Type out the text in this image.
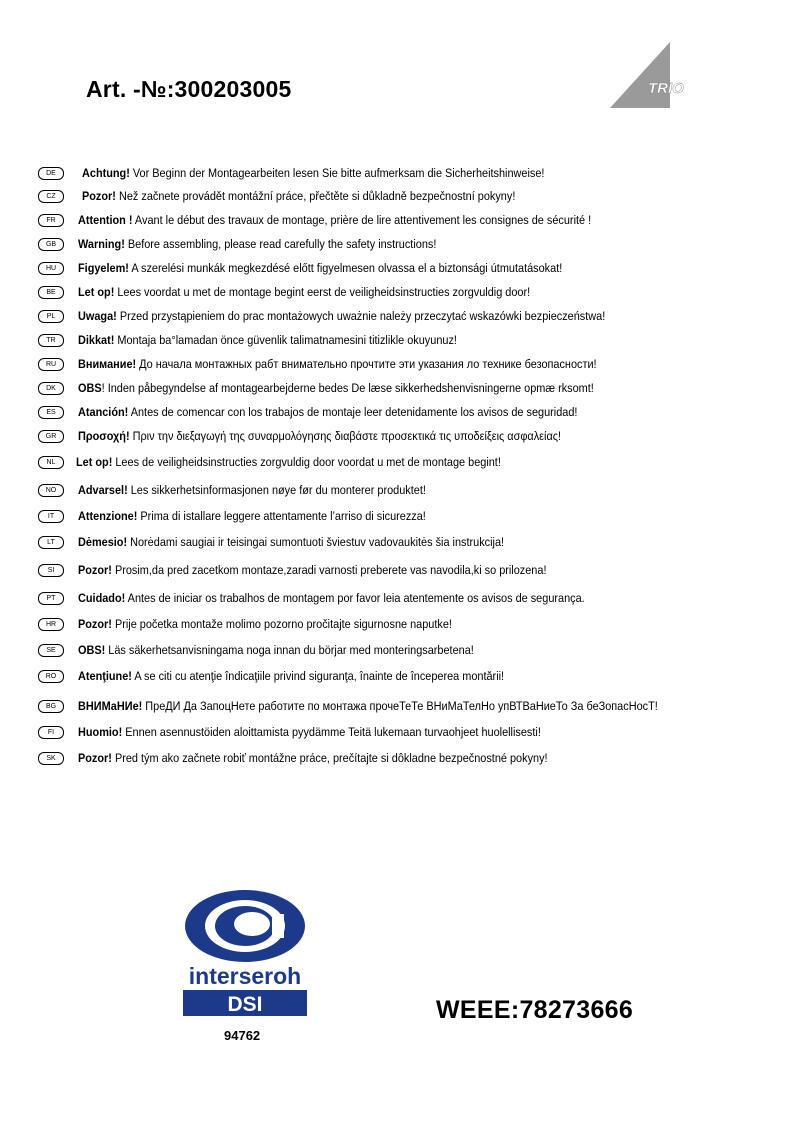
Art. -№:300203005	TRIO
DE	Achtung! Vor Beginn der Montagearbeiten lesen Sie bitte aufmerksam die Sicherheitshinweise!
CZ	Pozor! Než začnete provádět montážní práce, přečtěte si důkladně bezpečnostní pokyny!
FR	Attention ! Avant le début des travaux de montage, prière de lire attentivement les consignes de sécurité !
GB	Warning! Before assembling, please read carefully the safety instructions!
HU	Figyelem! A szerelési munkák megkezdésé előtt figyelmesen olvassa el a biztonsági útmutatásokat!
BE	Let op! Lees voordat u met de montage begint eerst de veiligheidsinstructies zorgvuldig door!
PL	Uwaga! Przed przystąpieniem do prac montażowych uważnie należy przeczytać wskazówki bezpieczeństwa!
TR	Dikkat! Montaja ba°lamadan önce güvenlik talimatnamesini titizlikle okuyunuz!
RU	Внимание! До начала монтажных рабт внимательно прочтите эти указания ло технике безопасности!
DK	OBS! Inden påbegyndelse af montagearbejderne bedes De læse sikkerhedshenvisningerne opmæ rksomt!
ES	Atanción! Antes de comencar con los trabajos de montaje leer detenidamente los avisos de seguridad!
GR	Προσοχή! Πριν την διεξαγωγή της συναρμολόγησης διαβάστε προσεκτικά τις υποδείξεις ασφαλείας!
NL	Let op! Lees de veiligheidsinstructies zorgvuldig door voordat u met de montage begint!
NO	Advarsel! Les sikkerhetsinformasjonen nøye før du monterer produktet!
IT	Attenzione! Prima di istallare leggere attentamente l’arriso di sicurezza!
LT	Dėmesio! Norėdami saugiai ir teisingai sumontuoti šviestuv vadovaukitės šia instrukcija!
SI	Pozor! Prosim,da pred zacetkom montaze,zaradi varnosti preberete vas navodila,ki so prilozena!
PT	Cuidado! Antes de iniciar os trabalhos de montagem por favor leia atentemente os avisos de segurança.
HR	Pozor! Prije početka montaže molimo pozorno pročitajte sigurnosne naputke!
SE	OBS! Läs säkerhetsanvisningama noga innan du börjar med monteringsarbetena!
RO	Atenţiune! A se citi cu atenţie îndicaţiile privind siguranţa, înainte de începerea montării!
BG	ВНИМаНИе! ПреДИ Да ЗапоцНете работите по монтажа прочеТеТе ВНиМаТелНо упВТВаНиеТо За беЗопасНосТ!
FI	Huomio! Ennen asennustöiden aloittamista pyydämme Teitä lukemaan turvaohjeet huolellisesti!
SK	Pozor! Pred tým ako začnete robiť montážne práce, prečítajte si dôkladne bezpečnostné pokyny!
interseroh
DSI
94762
WEEE:78273666
